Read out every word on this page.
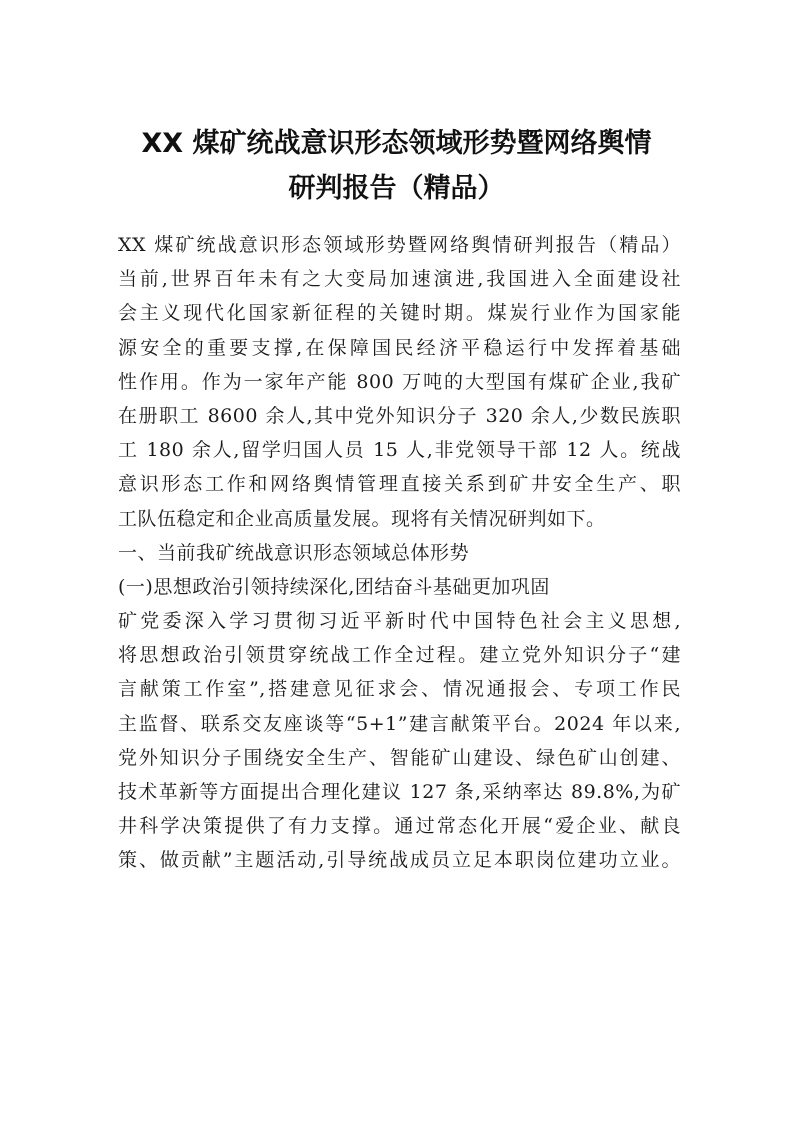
XX 煤矿统战意识形态领域形势暨网络舆情
研判报告（精品）
XX 煤矿统战意识形态领域形势暨网络舆情研判报告（精品）
当前,世界百年未有之大变局加速演进,我国进入全面建设社
会主义现代化国家新征程的关键时期。煤炭行业作为国家能
源安全的重要支撑,在保障国民经济平稳运行中发挥着基础
性作用。作为一家年产能 800 万吨的大型国有煤矿企业,我矿
在册职工 8600 余人,其中党外知识分子 320 余人,少数民族职
工 180 余人,留学归国人员 15 人,非党领导干部 12 人。统战
意识形态工作和网络舆情管理直接关系到矿井安全生产、职
工队伍稳定和企业高质量发展。现将有关情况研判如下。
一、当前我矿统战意识形态领域总体形势
(一)思想政治引领持续深化,团结奋斗基础更加巩固
矿党委深入学习贯彻习近平新时代中国特色社会主义思想,
将思想政治引领贯穿统战工作全过程。建立党外知识分子“建
言献策工作室”,搭建意见征求会、情况通报会、专项工作民
主监督、联系交友座谈等“5+1”建言献策平台。2024 年以来,
党外知识分子围绕安全生产、智能矿山建设、绿色矿山创建、
技术革新等方面提出合理化建议 127 条,采纳率达 89.8%,为矿
井科学决策提供了有力支撑。通过常态化开展“爱企业、献良
策、做贡献”主题活动,引导统战成员立足本职岗位建功立业。
